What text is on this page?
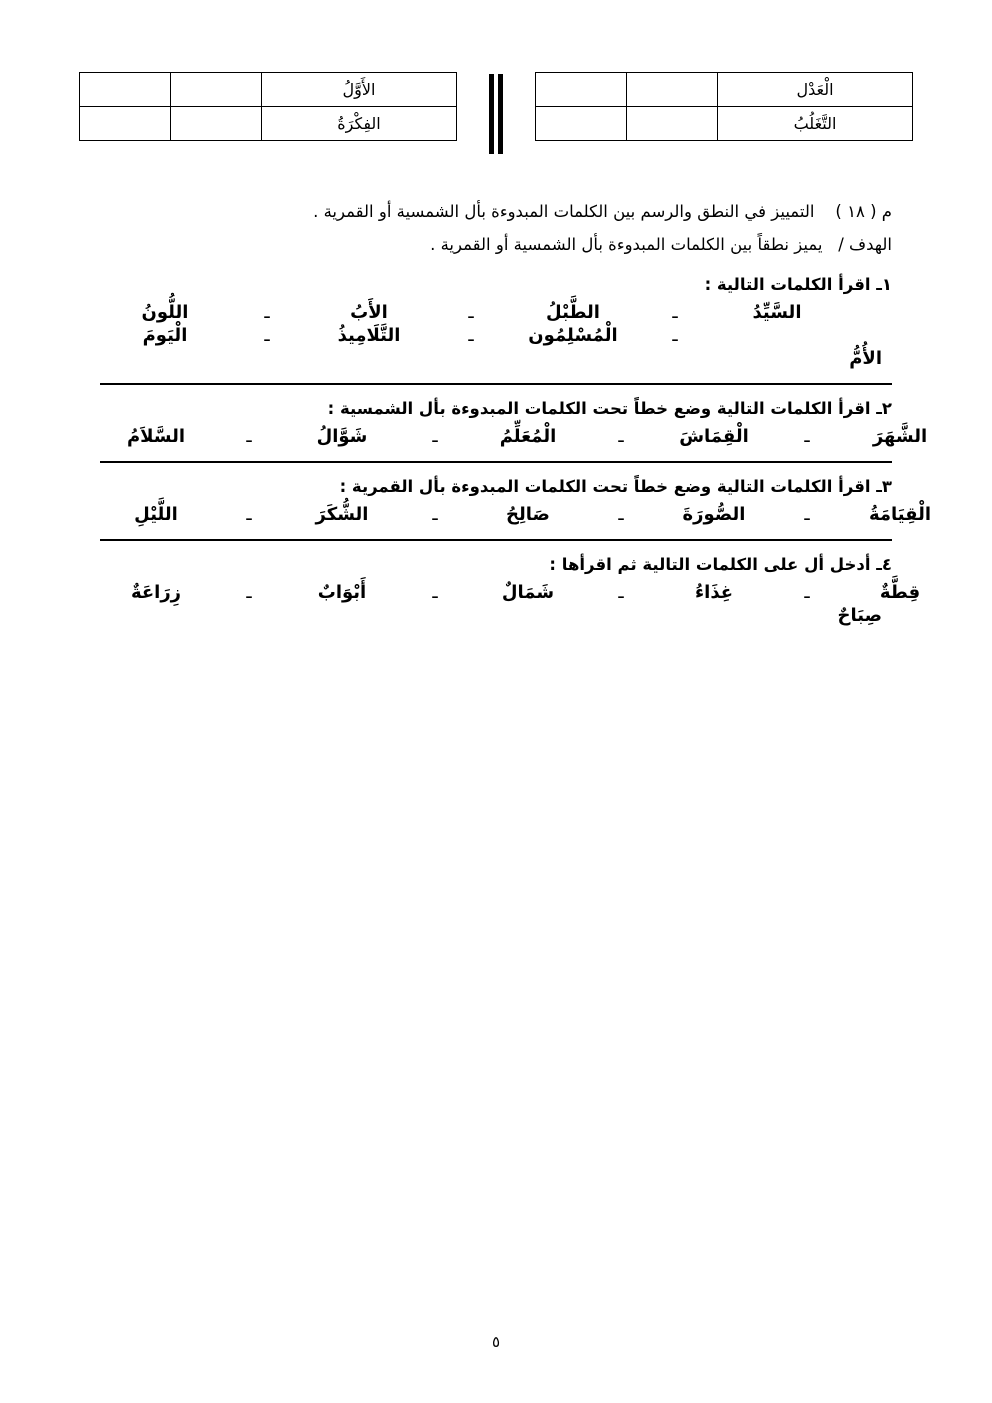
الأَوَّلُ		
الفِكْرَةُ		
الْعَدْل		
التَّغَلُبُ		

م ( ١٨ )    التمييز في النطق والرسم بين الكلمات المبدوءة بأل الشمسية أو القمرية .

الهدف /   يميز نطقاً بين الكلمات المبدوءة بأل الشمسية أو القمرية .

١ـ اقرأ الكلمات التالية :

اللُّونُ	ـ	الأَبُ	ـ	الطَّبْلُ	ـ	السَّيِّدُ
الْيَومَ	ـ	التَّلَامِيذُ	ـ	الْمُسْلِمُون	ـ

الأُمُّ

٢ـ اقرأ الكلمات التالية وضع خطاً تحت الكلمات المبدوءة بأل الشمسية :

السَّلاَمُ	ـ	شَوَّالُ	ـ	الْمُعَلِّمُ	ـ	الْقِمَاشَ	ـ	الشَّهَرَ

٣ـ اقرأ الكلمات التالية وضع خطاً تحت الكلمات المبدوءة بأل القمرية :

اللَّيْلِ	ـ	الشُّكَرَ	ـ	صَالِحُ	ـ	الصُّورَةَ	ـ	الْقِيَامَةُ

٤ـ أدخل أل على الكلمات التالية ثم اقرأها :

زِرَاعَةٌ	ـ	أَبْوَابٌ	ـ	شَمَالٌ	ـ	غِذَاءُ	ـ	قِطَّةٌ

صِبَاحٌ

٥
